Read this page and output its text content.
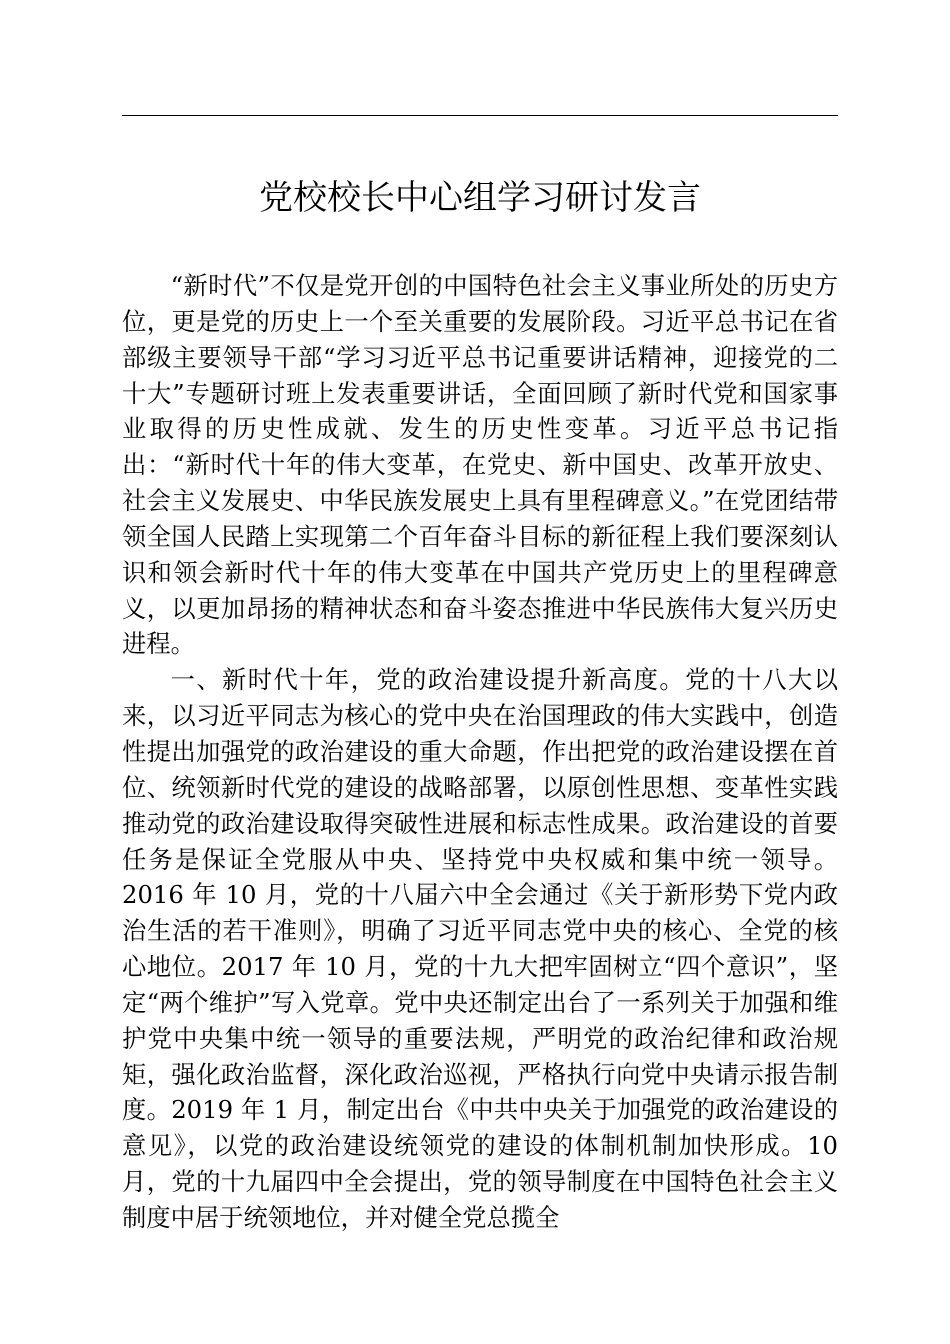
党校校长中心组学习研讨发言

“新时代”不仅是党开创的中国特色社会主义事业所处的历史方位，更是党的历史上一个至关重要的发展阶段。习近平总书记在省部级主要领导干部“学习习近平总书记重要讲话精神，迎接党的二十大”专题研讨班上发表重要讲话，全面回顾了新时代党和国家事业取得的历史性成就、发生的历史性变革。习近平总书记指出：“新时代十年的伟大变革，在党史、新中国史、改革开放史、社会主义发展史、中华民族发展史上具有里程碑意义。”在党团结带领全国人民踏上实现第二个百年奋斗目标的新征程上我们要深刻认识和领会新时代十年的伟大变革在中国共产党历史上的里程碑意义，以更加昂扬的精神状态和奋斗姿态推进中华民族伟大复兴历史进程。

一、新时代十年，党的政治建设提升新高度。党的十八大以来，以习近平同志为核心的党中央在治国理政的伟大实践中，创造性提出加强党的政治建设的重大命题，作出把党的政治建设摆在首位、统领新时代党的建设的战略部署，以原创性思想、变革性实践推动党的政治建设取得突破性进展和标志性成果。政治建设的首要任务是保证全党服从中央、坚持党中央权威和集中统一领导。2016 年 10 月，党的十八届六中全会通过《关于新形势下党内政治生活的若干准则》，明确了习近平同志党中央的核心、全党的核心地位。2017 年 10 月，党的十九大把牢固树立“四个意识”，坚定“两个维护”写入党章。党中央还制定出台了一系列关于加强和维护党中央集中统一领导的重要法规，严明党的政治纪律和政治规矩，强化政治监督，深化政治巡视，严格执行向党中央请示报告制度。2019 年 1 月，制定出台《中共中央关于加强党的政治建设的意见》，以党的政治建设统领党的建设的体制机制加快形成。10 月，党的十九届四中全会提出，党的领导制度在中国特色社会主义制度中居于统领地位，并对健全党总揽全
